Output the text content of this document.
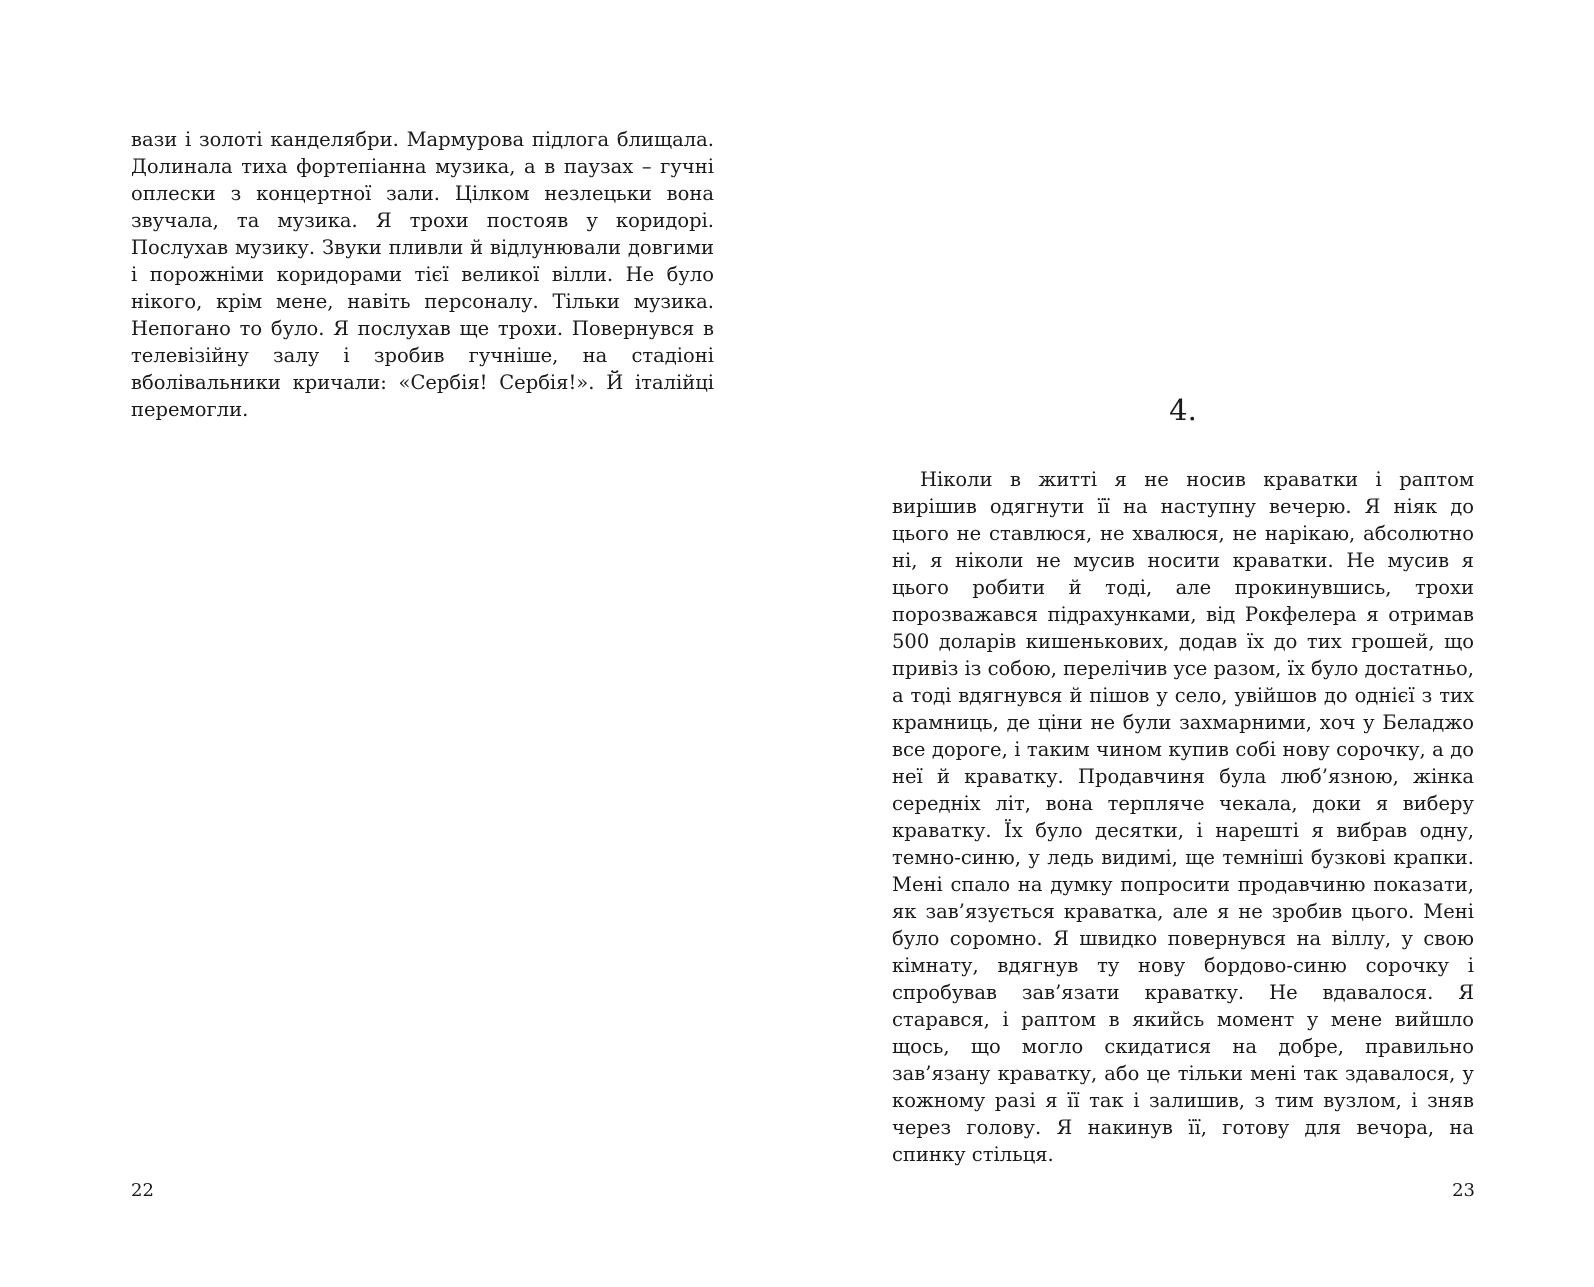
вази і золоті канделябри. Мармурова підлога блищала. Долинала тиха фортепіанна музика, а в паузах – гучні оплески з концертної зали. Цілком незлецьки вона звучала, та музика. Я трохи постояв у коридорі. Послухав музику. Звуки пливли й відлунювали довгими і порожніми коридорами тієї великої вілли. Не було нікого, крім мене, навіть персоналу. Тільки музика. Непогано то було. Я послухав ще трохи. Повернувся в телевізійну залу і зробив гучніше, на стадіоні вболівальники кричали: «Сербія! Сербія!». Й італійці перемогли.

22
4.

Ніколи в житті я не носив краватки і раптом вирішив одягнути її на наступну вечерю. Я ніяк до цього не ставлюся, не хвалюся, не нарікаю, абсолютно ні, я ніколи не мусив носити краватки. Не мусив я цього робити й тоді, але прокинувшись, трохи порозважався підрахунками, від Рокфелера я отримав 500 доларів кишенькових, додав їх до тих грошей, що привіз із собою, перелічив усе разом, їх було достатньо, а тоді вдягнувся й пішов у село, увійшов до однієї з тих крамниць, де ціни не були захмарними, хоч у Беладжо все дороге, і таким чином купив собі нову сорочку, а до неї й краватку. Продавчиня була люб’язною, жінка середніх літ, вона терпляче чекала, доки я виберу краватку. Їх було десятки, і нарешті я вибрав одну, темно-синю, у ледь видимі, ще темніші бузкові крапки. Мені спало на думку попросити продавчиню показати, як зав’язується краватка, але я не зробив цього. Мені було соромно. Я швидко повернувся на віллу, у свою кімнату, вдягнув ту нову бордово-синю сорочку і спробував зав’язати краватку. Не вдавалося. Я старався, і раптом в якийсь момент у мене вийшло щось, що могло скидатися на добре, правильно зав’язану краватку, або це тільки мені так здавалося, у кожному разі я її так і залишив, з тим вузлом, і зняв через голову. Я накинув її, готову для вечора, на спинку стільця.

23
